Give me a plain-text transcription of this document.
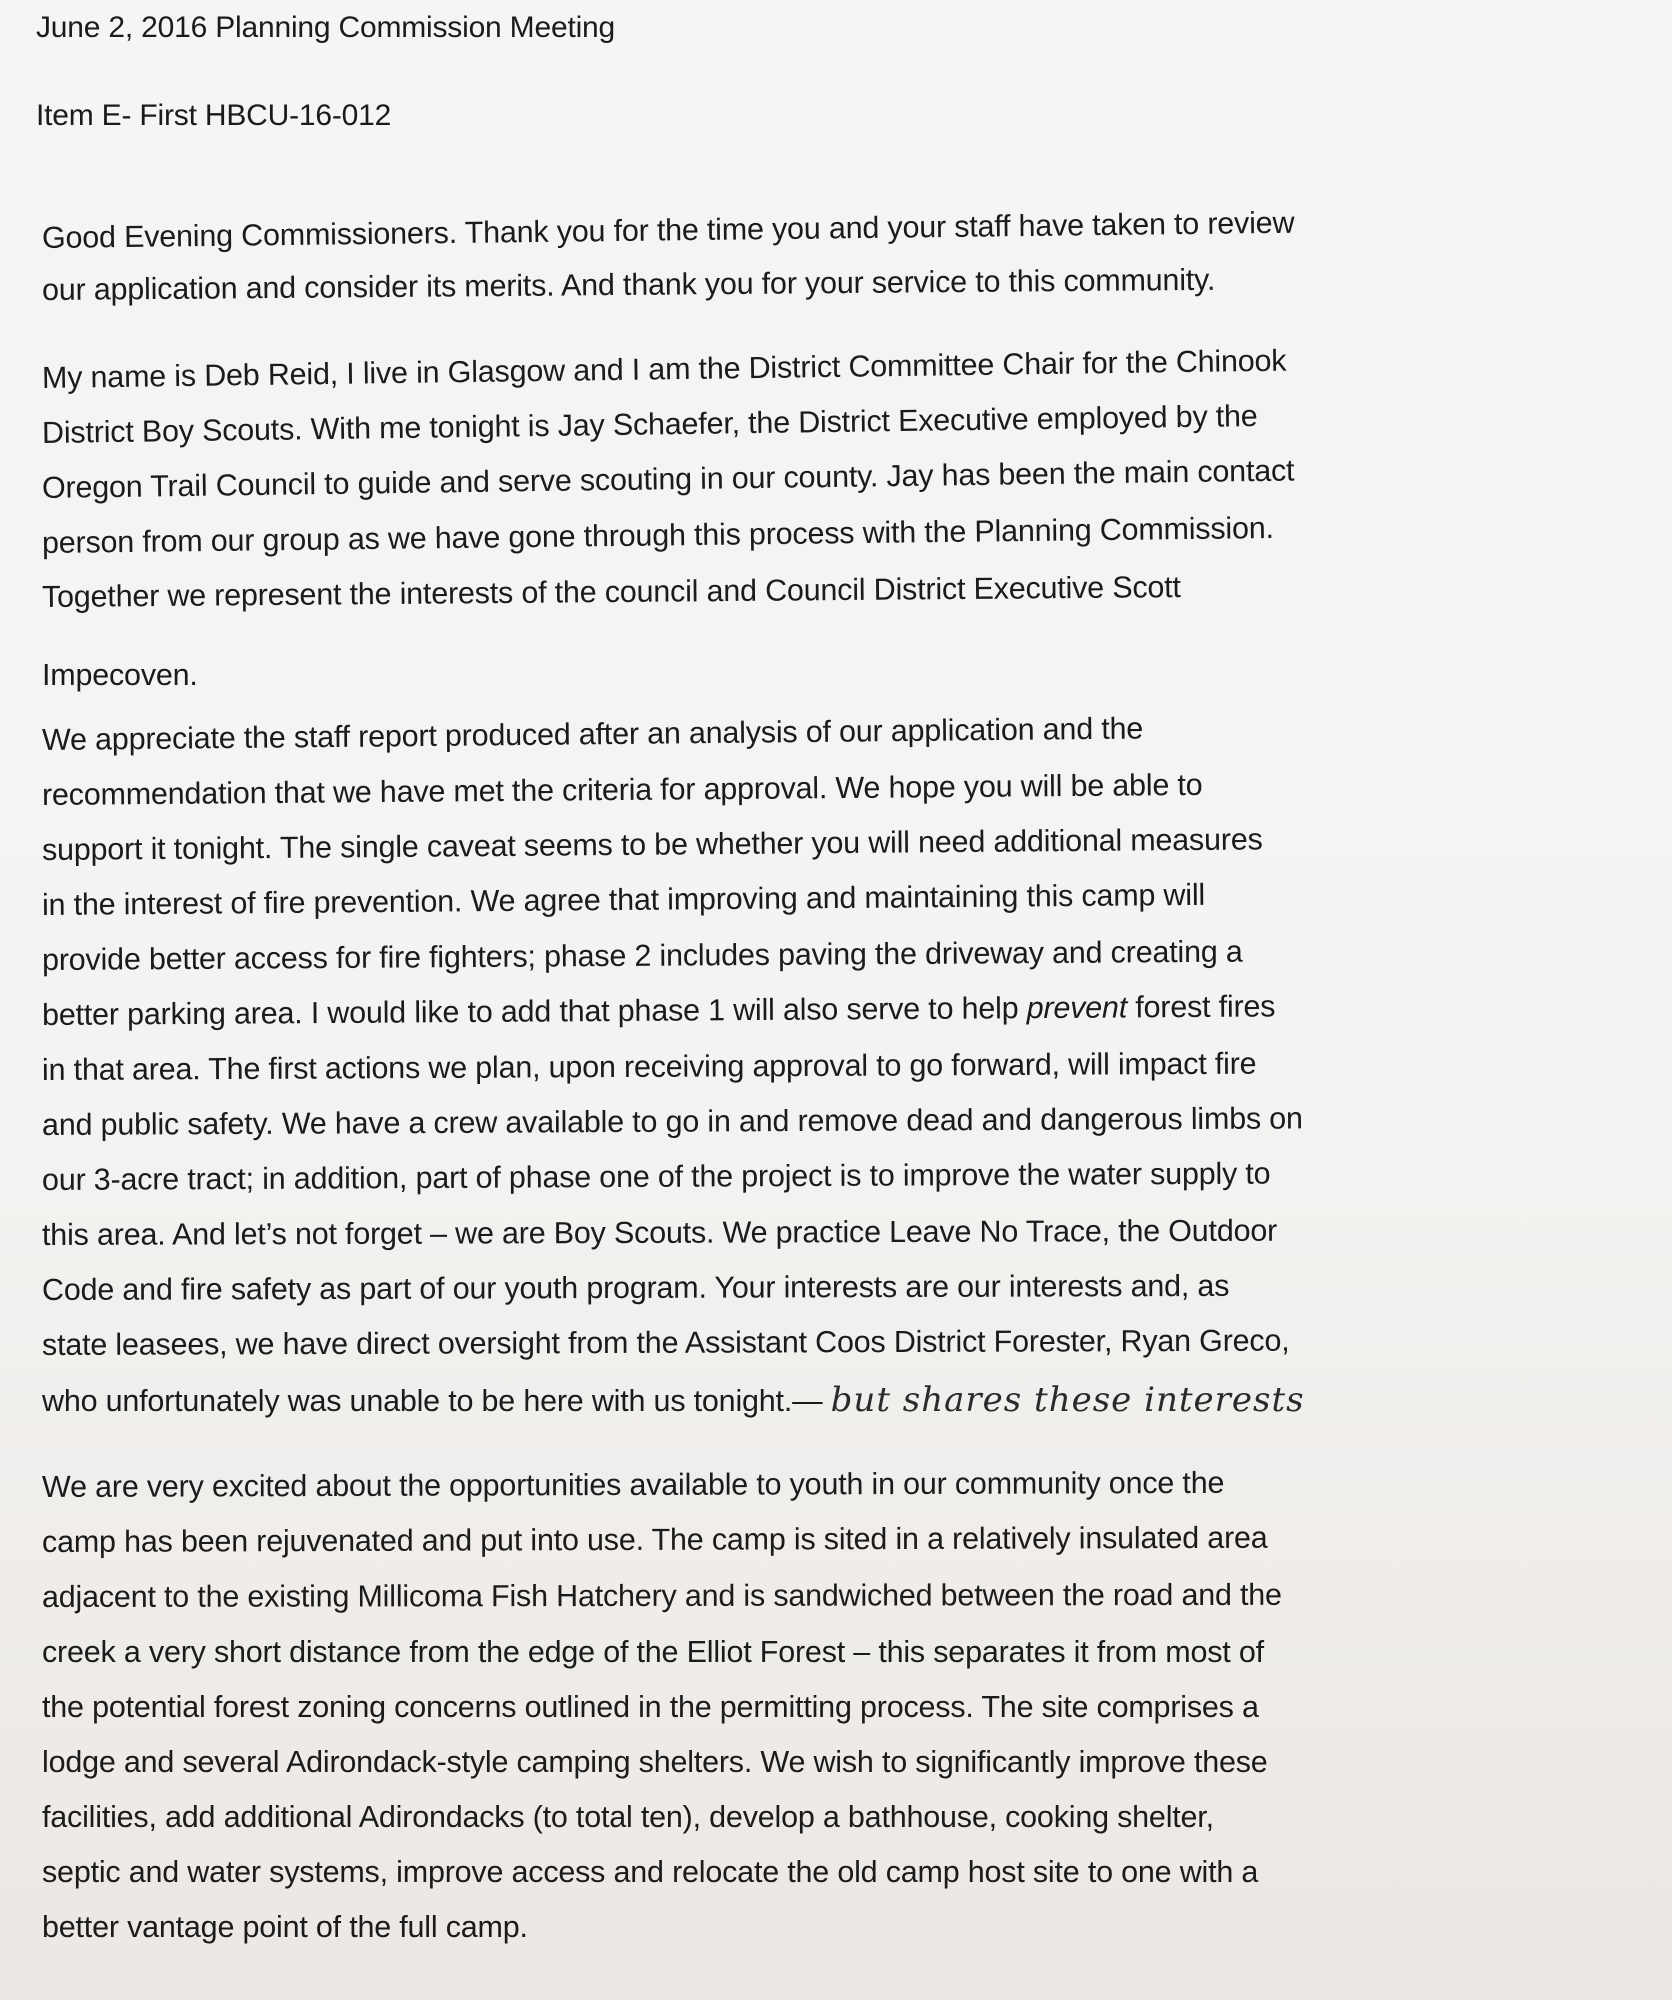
June 2, 2016 Planning Commission Meeting
Item E- First HBCU-16-012
Good Evening Commissioners. Thank you for the time you and your staff have taken to review
our application and consider its merits. And thank you for your service to this community.
My name is Deb Reid, I live in Glasgow and I am the District Committee Chair for the Chinook
District Boy Scouts. With me tonight is Jay Schaefer, the District Executive employed by the
Oregon Trail Council to guide and serve scouting in our county. Jay has been the main contact
person from our group as we have gone through this process with the Planning Commission.
Together we represent the interests of the council and Council District Executive Scott
Impecoven.
We appreciate the staff report produced after an analysis of our application and the
recommendation that we have met the criteria for approval. We hope you will be able to
support it tonight. The single caveat seems to be whether you will need additional measures
in the interest of fire prevention. We agree that improving and maintaining this camp will
provide better access for fire fighters; phase 2 includes paving the driveway and creating a
better parking area. I would like to add that phase 1 will also serve to help prevent forest fires
in that area. The first actions we plan, upon receiving approval to go forward, will impact fire
and public safety. We have a crew available to go in and remove dead and dangerous limbs on
our 3-acre tract; in addition, part of phase one of the project is to improve the water supply to
this area. And let’s not forget – we are Boy Scouts. We practice Leave No Trace, the Outdoor
Code and fire safety as part of our youth program. Your interests are our interests and, as
state leasees, we have direct oversight from the Assistant Coos District Forester, Ryan Greco,
who unfortunately was unable to be here with us tonight.— but shares these interests
We are very excited about the opportunities available to youth in our community once the
camp has been rejuvenated and put into use. The camp is sited in a relatively insulated area
adjacent to the existing Millicoma Fish Hatchery and is sandwiched between the road and the
creek a very short distance from the edge of the Elliot Forest – this separates it from most of
the potential forest zoning concerns outlined in the permitting process. The site comprises a
lodge and several Adirondack-style camping shelters. We wish to significantly improve these
facilities, add additional Adirondacks (to total ten), develop a bathhouse, cooking shelter,
septic and water systems, improve access and relocate the old camp host site to one with a
better vantage point of the full camp.
